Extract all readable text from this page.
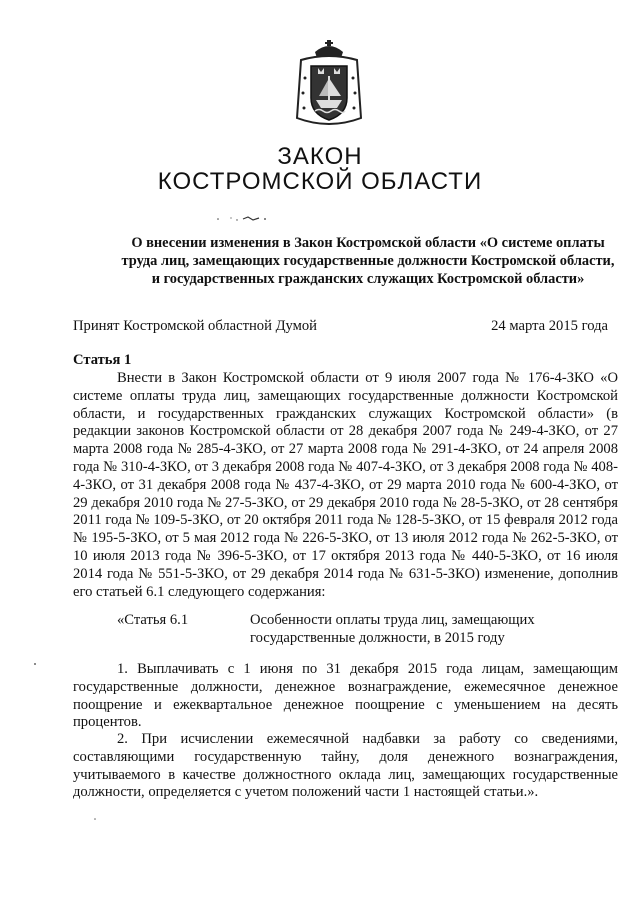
ЗАКОН
КОСТРОМСКОЙ ОБЛАСТИ
О внесении изменения в Закон Костромской области «О системе оплаты труда лиц, замещающих государственные должности Костромской области, и государственных гражданских служащих Костромской области»
Принят Костромской областной Думой	24 марта 2015 года
Статья 1
Внести в Закон Костромской области от 9 июля 2007 года № 176-4-ЗКО «О системе оплаты труда лиц, замещающих государственные должности Костромской области, и государственных гражданских служащих Костромской области» (в редакции законов Костромской области от 28 декабря 2007 года № 249-4-ЗКО, от 27 марта 2008 года № 285-4-ЗКО, от 27 марта 2008 года № 291-4-ЗКО, от 24 апреля 2008 года № 310-4-ЗКО, от 3 декабря 2008 года № 407-4-ЗКО, от 3 декабря 2008 года № 408-4-ЗКО, от 31 декабря 2008 года № 437-4-ЗКО, от 29 марта 2010 года № 600-4-ЗКО, от 29 декабря 2010 года № 27-5-ЗКО, от 29 декабря 2010 года № 28-5-ЗКО, от 28 сентября 2011 года № 109-5-ЗКО, от 20 октября 2011 года № 128-5-ЗКО, от 15 февраля 2012 года № 195-5-ЗКО, от 5 мая 2012 года № 226-5-ЗКО, от 13 июля 2012 года № 262-5-ЗКО, от 10 июля 2013 года № 396-5-ЗКО, от 17 октября 2013 года № 440-5-ЗКО, от 16 июля 2014 года № 551-5-ЗКО, от 29 декабря 2014 года № 631-5-ЗКО) изменение, дополнив его статьей 6.1 следующего содержания:
«Статья 6.1	Особенности оплаты труда лиц, замещающих государственные должности, в 2015 году
1. Выплачивать с 1 июня по 31 декабря 2015 года лицам, замещающим государственные должности, денежное вознаграждение, ежемесячное денежное поощрение и ежеквартальное денежное поощрение с уменьшением на десять процентов.
2. При исчислении ежемесячной надбавки за работу со сведениями, составляющими государственную тайну, доля денежного вознаграждения, учитываемого в качестве должностного оклада лиц, замещающих государственные должности, определяется с учетом положений части 1 настоящей статьи.».
